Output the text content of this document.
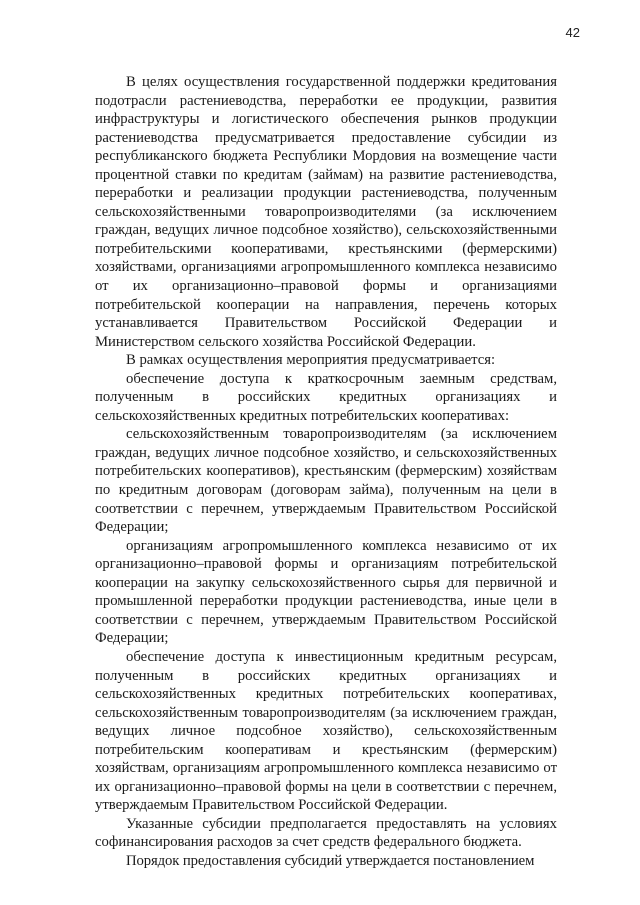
42

В целях осуществления государственной поддержки кредитования подотрасли растениеводства, переработки ее продукции, развития инфраструктуры и логистического обеспечения рынков продукции растениеводства предусматривается предоставление субсидии из республиканского бюджета Республики Мордовия на возмещение части процентной ставки по кредитам (займам) на развитие растениеводства, переработки и реализации продукции растениеводства, полученным сельскохозяйственными товаропроизводителями (за исключением граждан, ведущих личное подсобное хозяйство), сельскохозяйственными потребительскими кооперативами, крестьянскими (фермерскими) хозяйствами, организациями агропромышленного комплекса независимо от их организационно–правовой формы и организациями потребительской кооперации на направления, перечень которых устанавливается Правительством Российской Федерации и Министерством сельского хозяйства Российской Федерации.

В рамках осуществления мероприятия предусматривается:

обеспечение доступа к краткосрочным заемным средствам, полученным в российских кредитных организациях и сельскохозяйственных кредитных потребительских кооперативах:

сельскохозяйственным товаропроизводителям (за исключением граждан, ведущих личное подсобное хозяйство, и сельскохозяйственных потребительских кооперативов), крестьянским (фермерским) хозяйствам по кредитным договорам (договорам займа), полученным на цели в соответствии с перечнем, утверждаемым Правительством Российской Федерации;

организациям агропромышленного комплекса независимо от их организационно–правовой формы и организациям потребительской кооперации на закупку сельскохозяйственного сырья для первичной и промышленной переработки продукции растениеводства, иные цели в соответствии с перечнем, утверждаемым Правительством Российской Федерации;

обеспечение доступа к инвестиционным кредитным ресурсам, полученным в российских кредитных организациях и сельскохозяйственных кредитных потребительских кооперативах, сельскохозяйственным товаропроизводителям (за исключением граждан, ведущих личное подсобное хозяйство), сельскохозяйственным потребительским кооперативам и крестьянским (фермерским) хозяйствам, организациям агропромышленного комплекса независимо от их организационно–правовой формы на цели в соответствии с перечнем, утверждаемым Правительством Российской Федерации.

Указанные субсидии предполагается предоставлять на условиях софинансирования расходов за счет средств федерального бюджета.

Порядок предоставления субсидий утверждается постановлением
